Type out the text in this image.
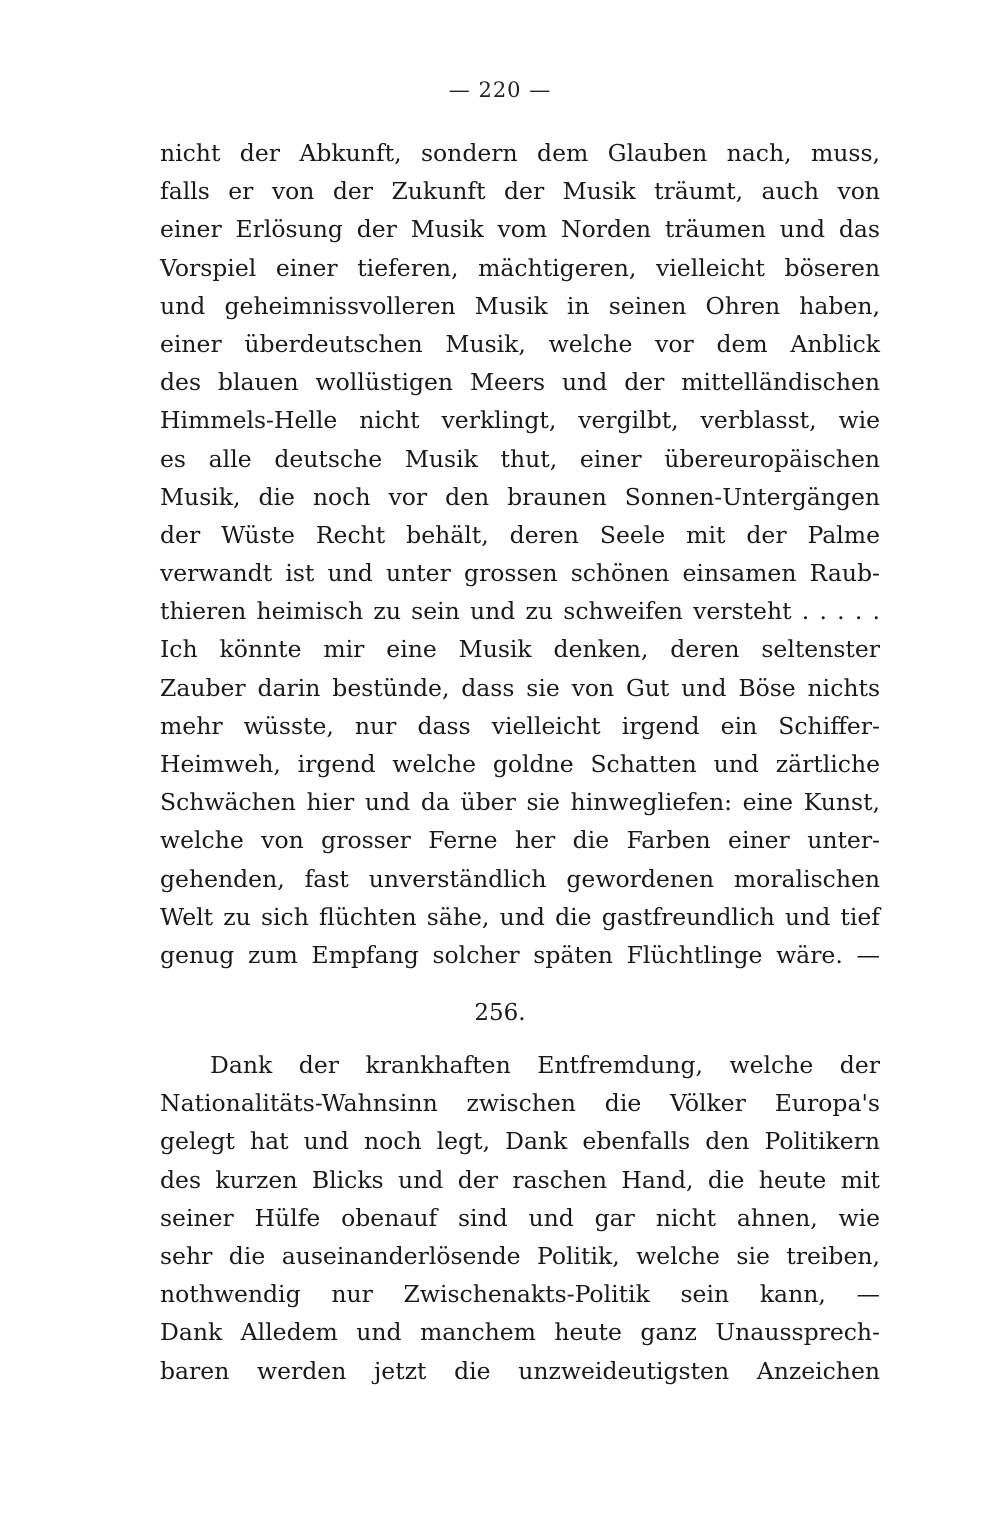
— 220 —
nicht der Abkunft, sondern dem Glauben nach, muss,
falls er von der Zukunft der Musik träumt, auch von
einer Erlösung der Musik vom Norden träumen und das
Vorspiel einer tieferen, mächtigeren, vielleicht böseren
und geheimnissvolleren Musik in seinen Ohren haben,
einer überdeutschen Musik, welche vor dem Anblick
des blauen wollüstigen Meers und der mittelländischen
Himmels-Helle nicht verklingt, vergilbt, verblasst, wie
es alle deutsche Musik thut, einer übereuropäischen
Musik, die noch vor den braunen Sonnen-Untergängen
der Wüste Recht behält, deren Seele mit der Palme
verwandt ist und unter grossen schönen einsamen Raub-
thieren heimisch zu sein und zu schweifen versteht . . . . .
Ich könnte mir eine Musik denken, deren seltenster
Zauber darin bestünde, dass sie von Gut und Böse nichts
mehr wüsste, nur dass vielleicht irgend ein Schiffer-
Heimweh, irgend welche goldne Schatten und zärtliche
Schwächen hier und da über sie hinwegliefen: eine Kunst,
welche von grosser Ferne her die Farben einer unter-
gehenden, fast unverständlich gewordenen moralischen
Welt zu sich flüchten sähe, und die gastfreundlich und tief
genug zum Empfang solcher späten Flüchtlinge wäre. —
256.
Dank der krankhaften Entfremdung, welche der
Nationalitäts-Wahnsinn zwischen die Völker Europa's
gelegt hat und noch legt, Dank ebenfalls den Politikern
des kurzen Blicks und der raschen Hand, die heute mit
seiner Hülfe obenauf sind und gar nicht ahnen, wie
sehr die auseinanderlösende Politik, welche sie treiben,
nothwendig nur Zwischenakts-Politik sein kann, —
Dank Alledem und manchem heute ganz Unaussprech-
baren werden jetzt die unzweideutigsten Anzeichen
